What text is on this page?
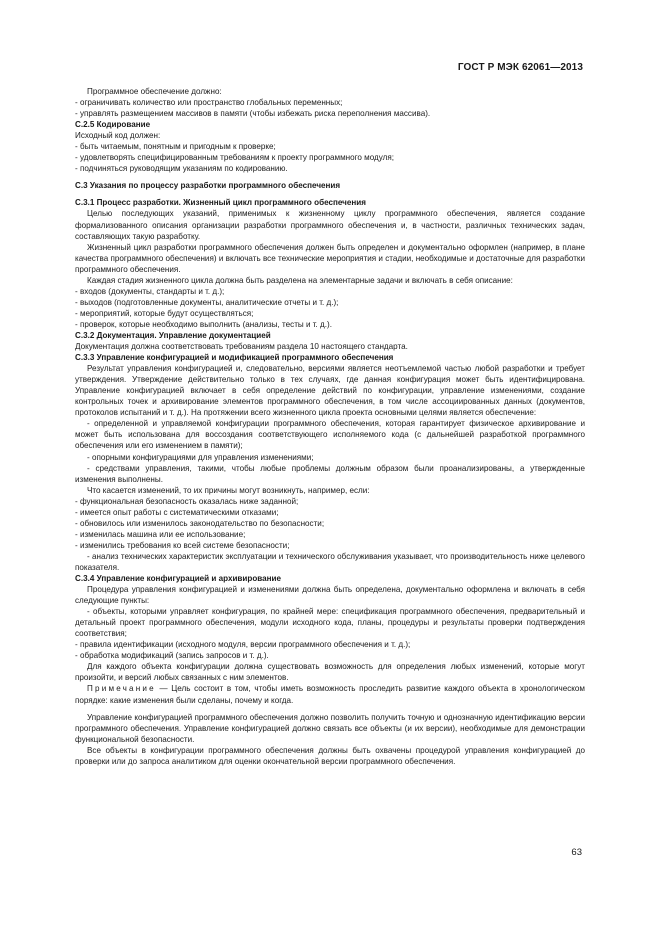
ГОСТ Р МЭК 62061—2013

Программное обеспечение должно:

- ограничивать количество или пространство глобальных переменных;

- управлять размещением массивов в памяти (чтобы избежать риска переполнения массива).

С.2.5 Кодирование

Исходный код должен:

- быть читаемым, понятным и пригодным к проверке;

- удовлетворять специфицированным требованиям к проекту программного модуля;

- подчиняться руководящим указаниям по кодированию.

С.3 Указания по процессу разработки программного обеспечения

С.3.1 Процесс разработки. Жизненный цикл программного обеспечения

Целью последующих указаний, применимых к жизненному циклу программного обеспечения, является создание формализованного описания организации разработки программного обеспечения и, в частности, различных технических задач, составляющих такую разработку.

Жизненный цикл разработки программного обеспечения должен быть определен и документально оформлен (например, в плане качества программного обеспечения) и включать все технические мероприятия и стадии, необходимые и достаточные для разработки программного обеспечения.

Каждая стадия жизненного цикла должна быть разделена на элементарные задачи и включать в себя описание:

- входов (документы, стандарты и т. д.);

- выходов (подготовленные документы, аналитические отчеты и т. д.);

- мероприятий, которые будут осуществляться;

- проверок, которые необходимо выполнить (анализы, тесты и т. д.).

С.3.2 Документация. Управление документацией

Документация должна соответствовать требованиям раздела 10 настоящего стандарта.

С.3.3 Управление конфигурацией и модификацией программного обеспечения

Результат управления конфигурацией и, следовательно, версиями является неотъемлемой частью любой разработки и требует утверждения. Утверждение действительно только в тех случаях, где данная конфигурация может быть идентифицирована. Управление конфигурацией включает в себя определение действий по конфигурации, управление изменениями, создание контрольных точек и архивирование элементов программного обеспечения, в том числе ассоциированных данных (документов, протоколов испытаний и т. д.). На протяжении всего жизненного цикла проекта основными целями является обеспечение:

- определенной и управляемой конфигурации программного обеспечения, которая гарантирует физическое архивирование и может быть использована для воссоздания соответствующего исполняемого кода (с дальнейшей разработкой программного обеспечения или его изменением в памяти);

- опорными конфигурациями для управления изменениями;

- средствами управления, такими, чтобы любые проблемы должным образом были проанализированы, а утвержденные изменения выполнены.

Что касается изменений, то их причины могут возникнуть, например, если:

- функциональная безопасность оказалась ниже заданной;

- имеется опыт работы с систематическими отказами;

- обновилось или изменилось законодательство по безопасности;

- изменилась машина или ее использование;

- изменились требования ко всей системе безопасности;

- анализ технических характеристик эксплуатации и технического обслуживания указывает, что производительность ниже целевого показателя.

С.3.4 Управление конфигурацией и архивирование

Процедура управления конфигурацией и изменениями должна быть определена, документально оформлена и включать в себя следующие пункты:

- объекты, которыми управляет конфигурация, по крайней мере: спецификация программного обеспечения, предварительный и детальный проект программного обеспечения, модули исходного кода, планы, процедуры и результаты проверки подтверждения соответствия;

- правила идентификации (исходного модуля, версии программного обеспечения и т. д.);

- обработка модификаций (запись запросов и т. д.).

Для каждого объекта конфигурации должна существовать возможность для определения любых изменений, которые могут произойти, и версий любых связанных с ним элементов.

Примечание — Цель состоит в том, чтобы иметь возможность проследить развитие каждого объекта в хронологическом порядке: какие изменения были сделаны, почему и когда.

Управление конфигурацией программного обеспечения должно позволить получить точную и однозначную идентификацию версии программного обеспечения. Управление конфигурацией должно связать все объекты (и их версии), необходимые для демонстрации функциональной безопасности.

Все объекты в конфигурации программного обеспечения должны быть охвачены процедурой управления конфигурацией до проверки или до запроса аналитиком для оценки окончательной версии программного обеспечения.

63
